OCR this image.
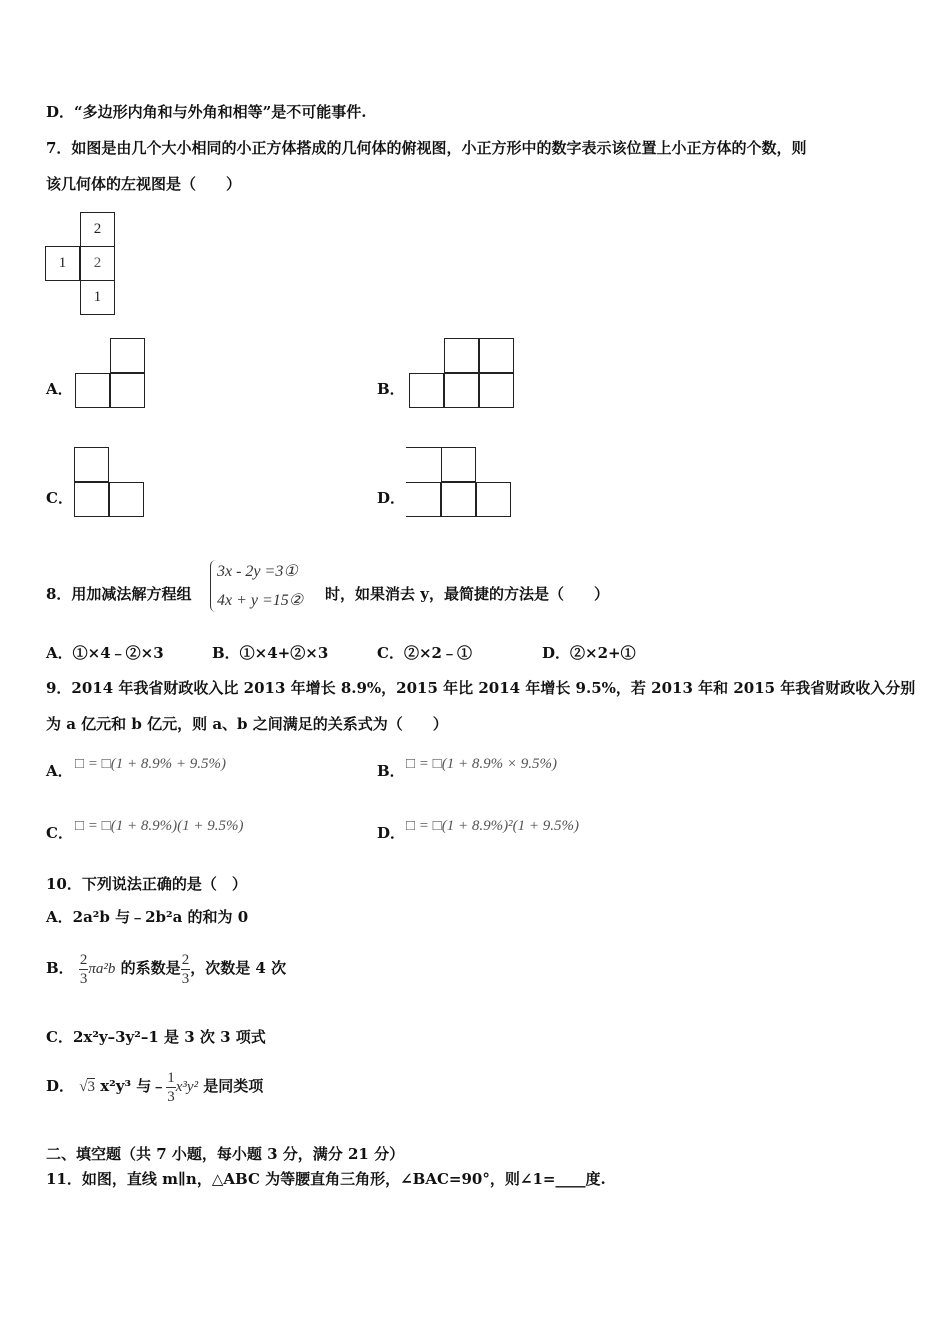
D．“多边形内角和与外角和相等”是不可能事件.
7．如图是由几个大小相同的小正方体搭成的几何体的俯视图，小正方形中的数字表示该位置上小正方体的个数，则
该几何体的左视图是（　　）
2
1	2
1
A．	B．
C．	D．
8．用加减法解方程组
3x - 2y =3①
4x + y =15② 时，如果消去 y，最简捷的方法是（　　）
A．①×4﹣②×3	B．①×4+②×3	C．②×2﹣①	D．②×2+①
9．2014 年我省财政收入比 2013 年增长 8.9%，2015 年比 2014 年增长 9.5%，若 2013 年和 2015 年我省财政收入分别
为 a 亿元和 b 亿元，则 a、b 之间满足的关系式为（　　）
A． □ = □(1 + 8.9% + 9.5%)	B． □ = □(1 + 8.9% × 9.5%)
C． □ = □(1 + 8.9%)(1 + 9.5%)	D． □ = □(1 + 8.9%)²(1 + 9.5%)
10．下列说法正确的是（　）
A．2a²b 与﹣2b²a 的和为 0
B． $\frac{2}{3} \pi a^2b$ 的系数是 $\frac{2}{3}$ ，次数是 4 次
C．2x²y–3y²–1 是 3 次 3 项式
D． √3 x²y³ 与﹣ $\frac{1}{3} x^3y^2$ 是同类项
二、填空题（共 7 小题，每小题 3 分，满分 21 分）
11．如图，直线 m∥n，△ABC 为等腰直角三角形，∠BAC=90°，则∠1=____度.
